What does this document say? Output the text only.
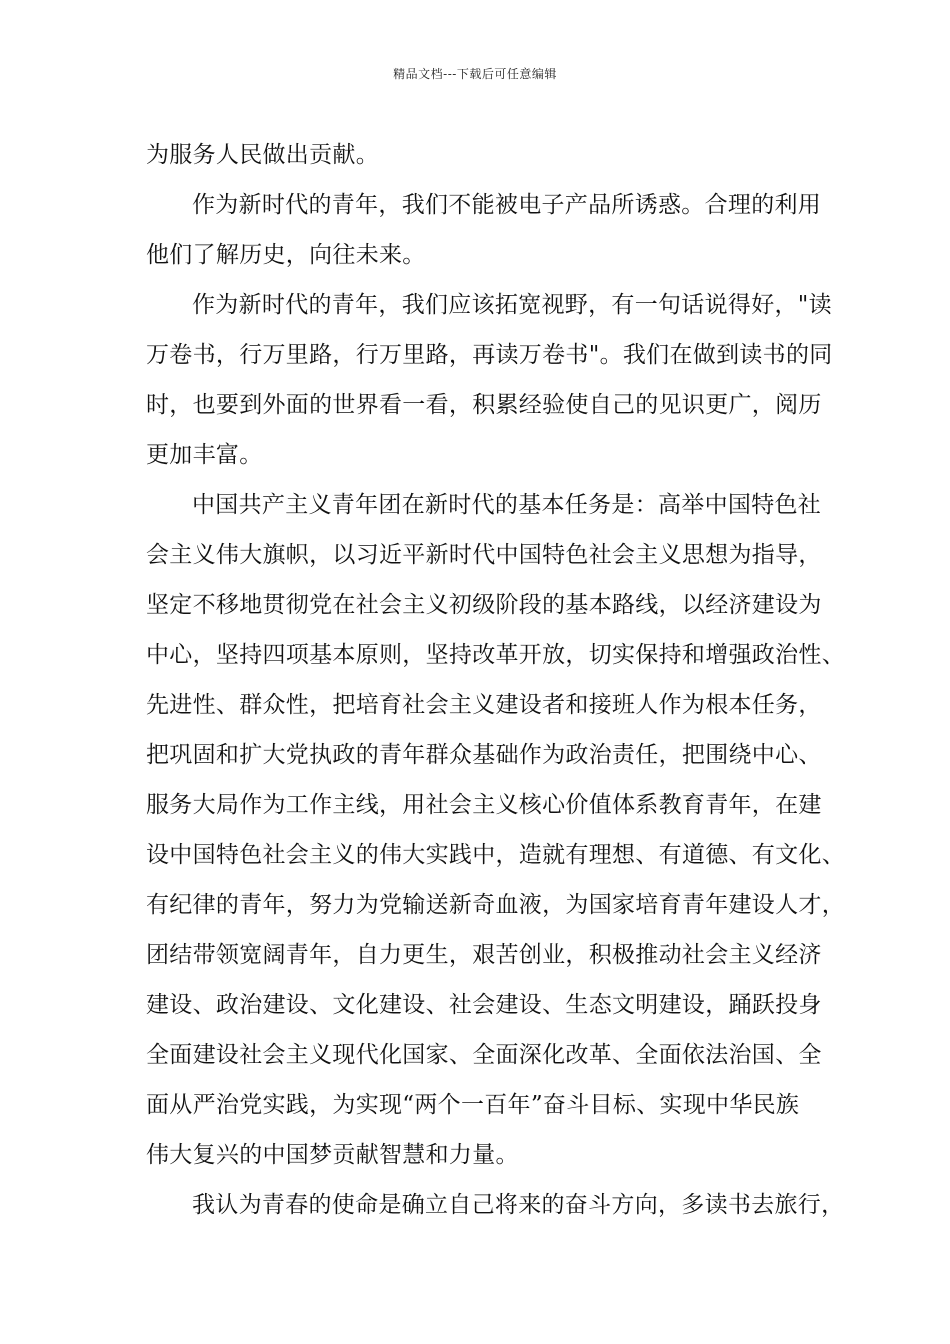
精品文档---下载后可任意编辑
为服务人民做出贡献。
作为新时代的青年，我们不能被电子产品所诱惑。合理的利用
他们了解历史，向往未来。
作为新时代的青年，我们应该拓宽视野，有一句话说得好，"读
万卷书，行万里路，行万里路，再读万卷书"。我们在做到读书的同
时，也要到外面的世界看一看，积累经验使自己的见识更广，阅历
更加丰富。
中国共产主义青年团在新时代的基本任务是：高举中国特色社
会主义伟大旗帜，以习近平新时代中国特色社会主义思想为指导，
坚定不移地贯彻党在社会主义初级阶段的基本路线，以经济建设为
中心，坚持四项基本原则，坚持改革开放，切实保持和增强政治性、
先进性、群众性，把培育社会主义建设者和接班人作为根本任务，
把巩固和扩大党执政的青年群众基础作为政治责任，把围绕中心、
服务大局作为工作主线，用社会主义核心价值体系教育青年，在建
设中国特色社会主义的伟大实践中，造就有理想、有道德、有文化、
有纪律的青年，努力为党输送新奇血液，为国家培育青年建设人才，
团结带领宽阔青年，自力更生，艰苦创业，积极推动社会主义经济
建设、政治建设、文化建设、社会建设、生态文明建设，踊跃投身
全面建设社会主义现代化国家、全面深化改革、全面依法治国、全
面从严治党实践，为实现“两个一百年”奋斗目标、实现中华民族
伟大复兴的中国梦贡献智慧和力量。
我认为青春的使命是确立自己将来的奋斗方向，多读书去旅行，
